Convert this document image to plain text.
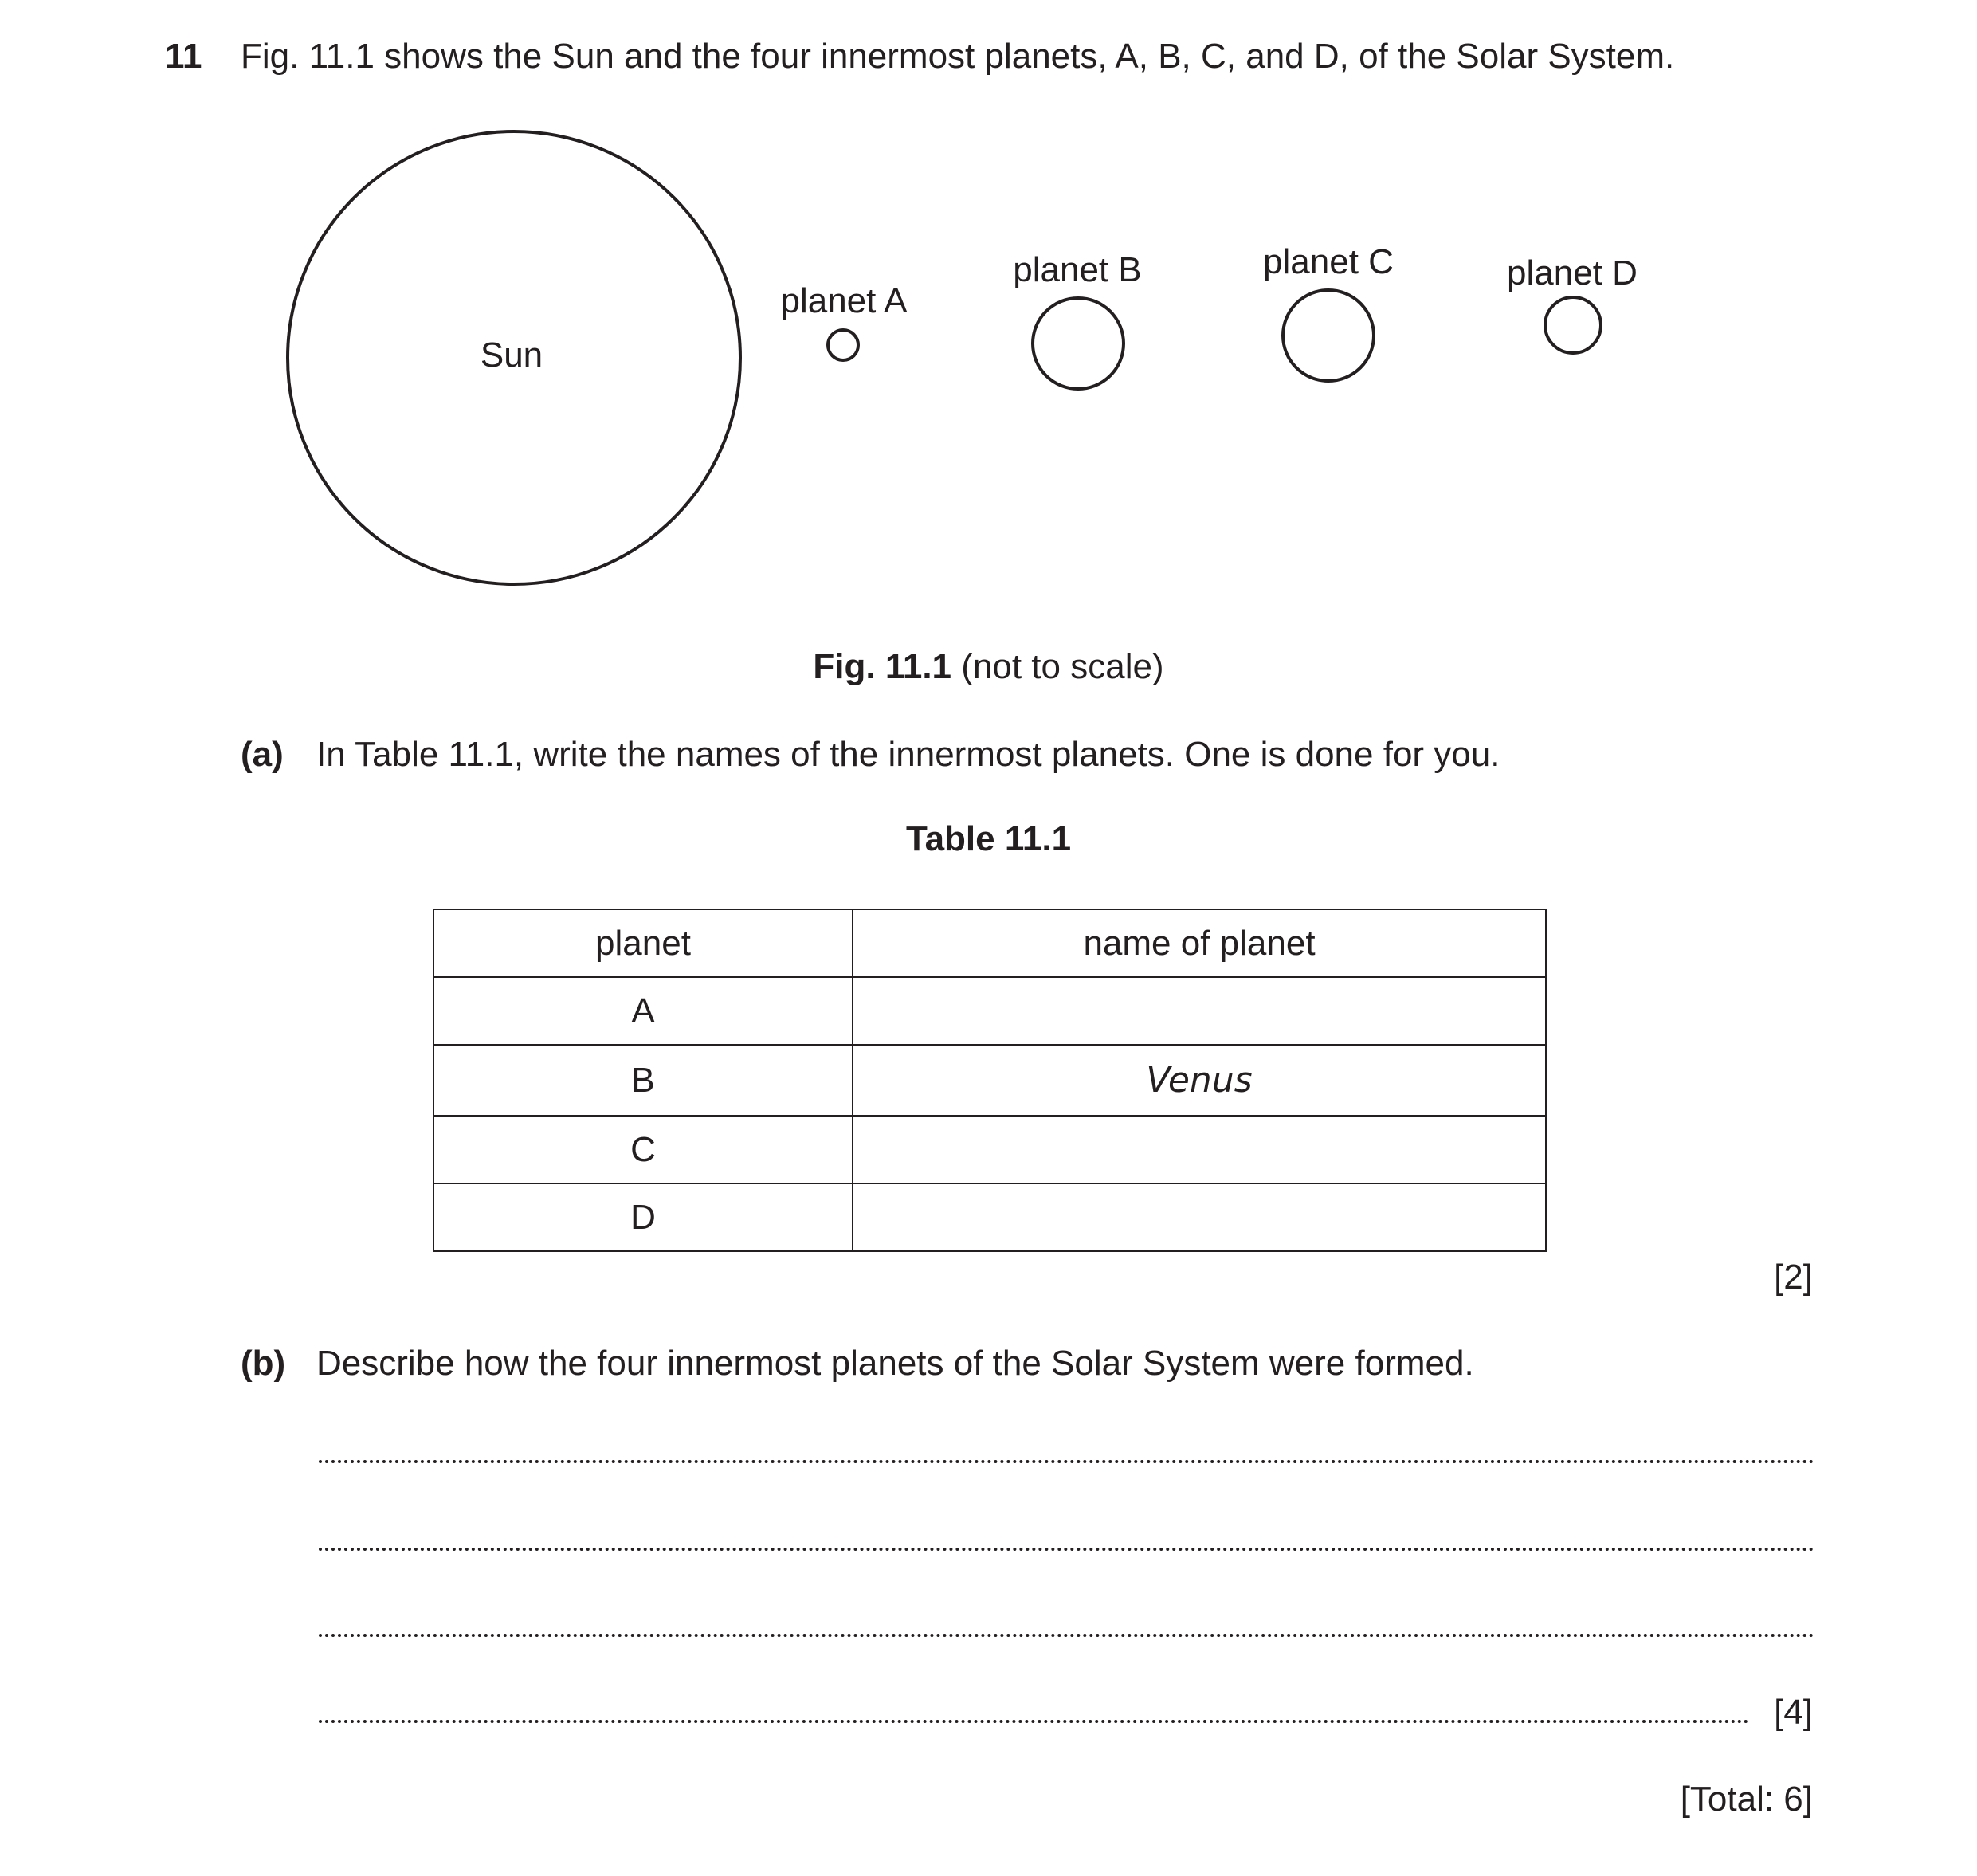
11 Fig. 11.1 shows the Sun and the four innermost planets, A, B, C, and D, of the Solar System.
Sun
planet A
planet B	planet C	planet D
Fig. 11.1 (not to scale)
(a) In Table 11.1, write the names of the innermost planets. One is done for you.
Table 11.1
planet	name of planet
A	
B	Venus
C	
D	
[2]
(b) Describe how the four innermost planets of the Solar System were formed.
[4]
[Total: 6]
